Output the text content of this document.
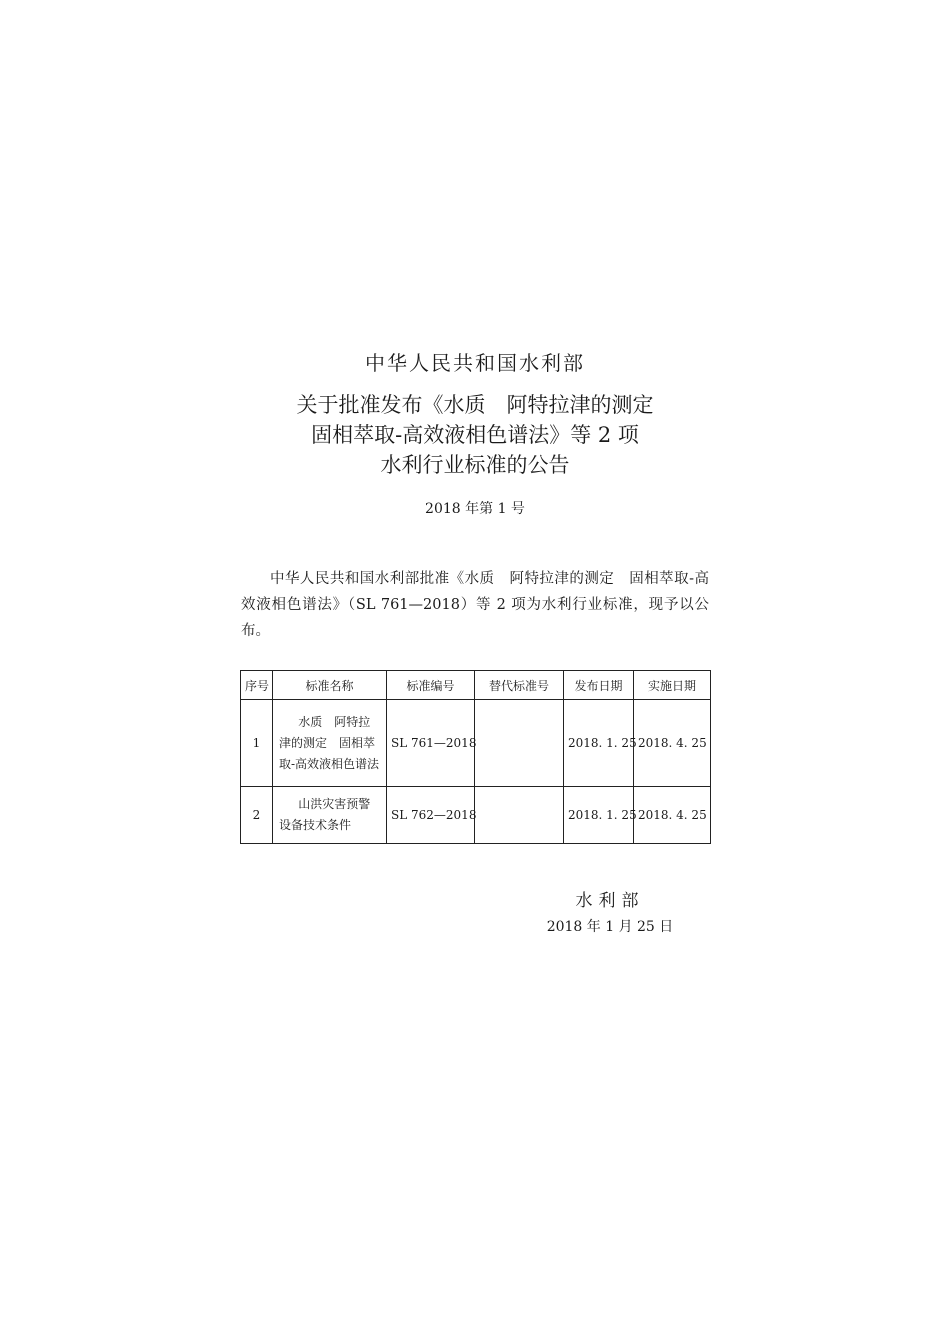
中华人民共和国水利部
关于批准发布《水质　阿特拉津的测定
固相萃取-高效液相色谱法》等 2 项
水利行业标准的公告
2018 年第 1 号
中华人民共和国水利部批准《水质　阿特拉津的测定　固相萃取-高效液相色谱法》（SL 761—2018）等 2 项为水利行业标准，现予以公布。
序号	标准名称	标准编号	替代标准号	发布日期	实施日期
1	水质　阿特拉津的测定　固相萃取-高效液相色谱法	SL 761—2018		2018. 1. 25	2018. 4. 25
2	山洪灾害预警设备技术条件	SL 762—2018		2018. 1. 25	2018. 4. 25
水利部
2018 年 1 月 25 日
